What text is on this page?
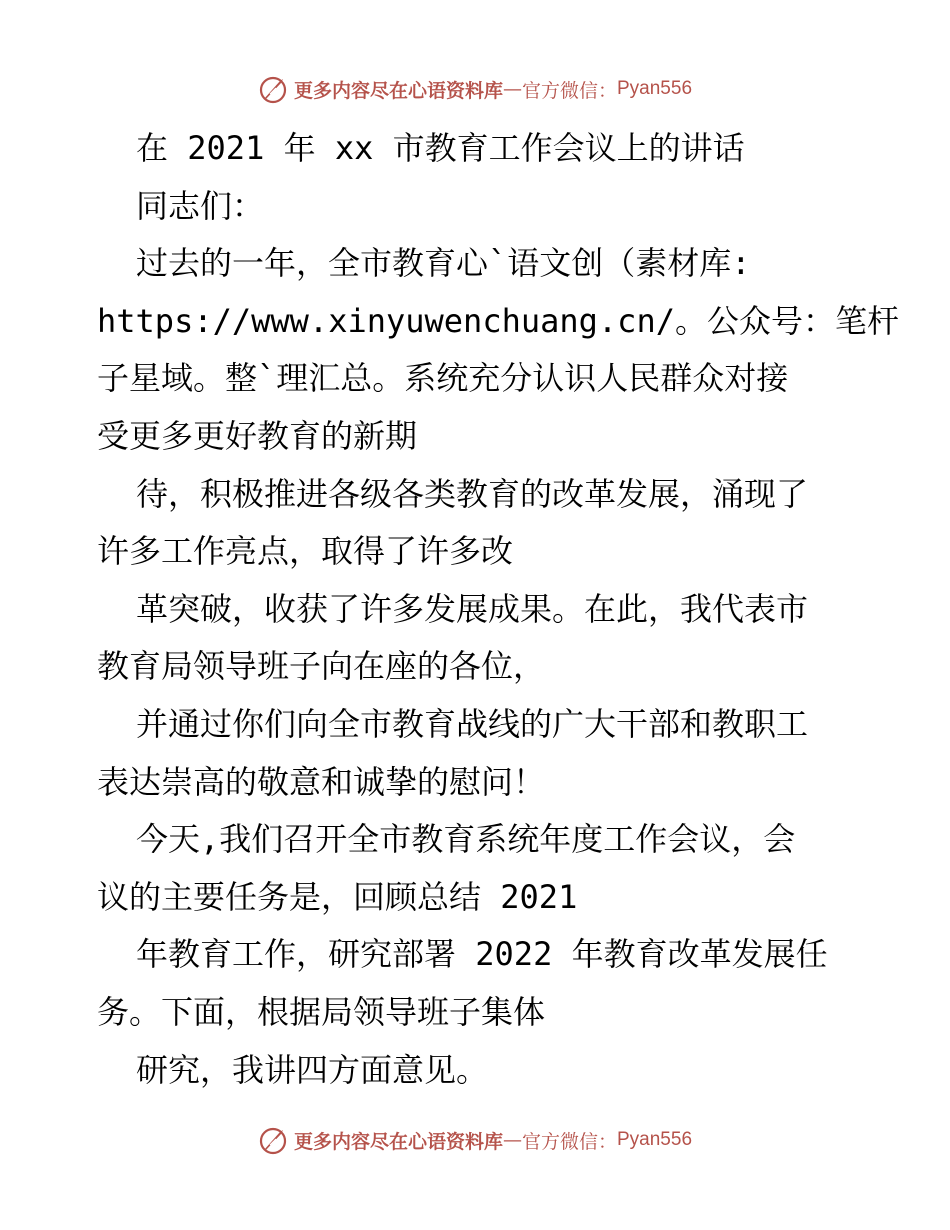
更多内容尽在心语资料库 — 官方微信： Pyan556
在 2021 年 xx 市教育工作会议上的讲话
同志们：
过去的一年，全市教育心`语文创（素材库:
https://www.xinyuwenchuang.cn/。公众号：笔杆
子星域。整`理汇总。系统充分认识人民群众对接
受更多更好教育的新期
待，积极推进各级各类教育的改革发展，涌现了
许多工作亮点，取得了许多改
革突破，收获了许多发展成果。在此，我代表市
教育局领导班子向在座的各位，
并通过你们向全市教育战线的广大干部和教职工
表达崇高的敬意和诚挚的慰问！
今天,我们召开全市教育系统年度工作会议，会
议的主要任务是，回顾总结 2021
年教育工作，研究部署 2022 年教育改革发展任
务。下面，根据局领导班子集体
研究，我讲四方面意见。
更多内容尽在心语资料库 — 官方微信： Pyan556
